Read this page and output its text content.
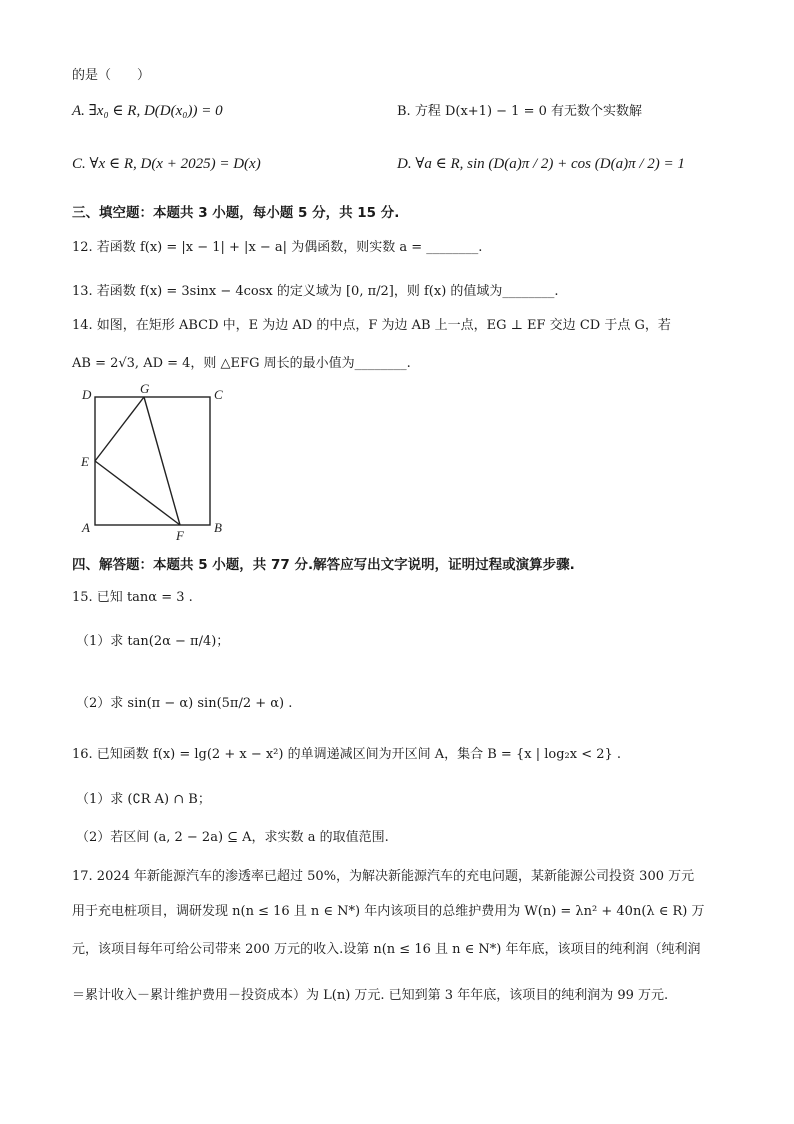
的是（　　）
A. ∃x₀ ∈ R, D(D(x₀)) = 0	B. 方程 D(x+1) − 1 = 0 有无数个实数解
C. ∀x ∈ R, D(x + 2025) = D(x)	D. ∀a ∈ R, sin (D(a)π / 2) + cos (D(a)π / 2) = 1
三、填空题：本题共 3 小题，每小题 5 分，共 15 分.
12. 若函数 f(x) = |x − 1| + |x − a| 为偶函数，则实数 a = ________.
13. 若函数 f(x) = 3sinx − 4cosx 的定义域为 [0, π/2]，则 f(x) 的值域为________.
14. 如图，在矩形 ABCD 中，E 为边 AD 的中点，F 为边 AB 上一点，EG ⊥ EF 交边 CD 于点 G，若
AB = 2√3, AD = 4，则 △EFG 周长的最小值为________.
D	G	C
E
A
F
B
四、解答题：本题共 5 小题，共 77 分.解答应写出文字说明，证明过程或演算步骤.
15. 已知 tanα = 3 .
（1）求 tan(2α − π/4)；
（2）求 sin(π − α) sin(5π/2 + α) .
16. 已知函数 f(x) = lg(2 + x − x²) 的单调递减区间为开区间 A，集合 B = {x | log₂x < 2} .
（1）求 (∁R A) ∩ B；
（2）若区间 (a, 2 − 2a) ⊆ A，求实数 a 的取值范围.
17. 2024 年新能源汽车的渗透率已超过 50%，为解决新能源汽车的充电问题，某新能源公司投资 300 万元
用于充电桩项目，调研发现 n(n ≤ 16 且 n ∈ N*) 年内该项目的总维护费用为 W(n) = λn² + 40n(λ ∈ R) 万
元，该项目每年可给公司带来 200 万元的收入.设第 n(n ≤ 16 且 n ∈ N*) 年年底，该项目的纯利润（纯利润
＝累计收入－累计维护费用－投资成本）为 L(n) 万元. 已知到第 3 年年底，该项目的纯利润为 99 万元.
